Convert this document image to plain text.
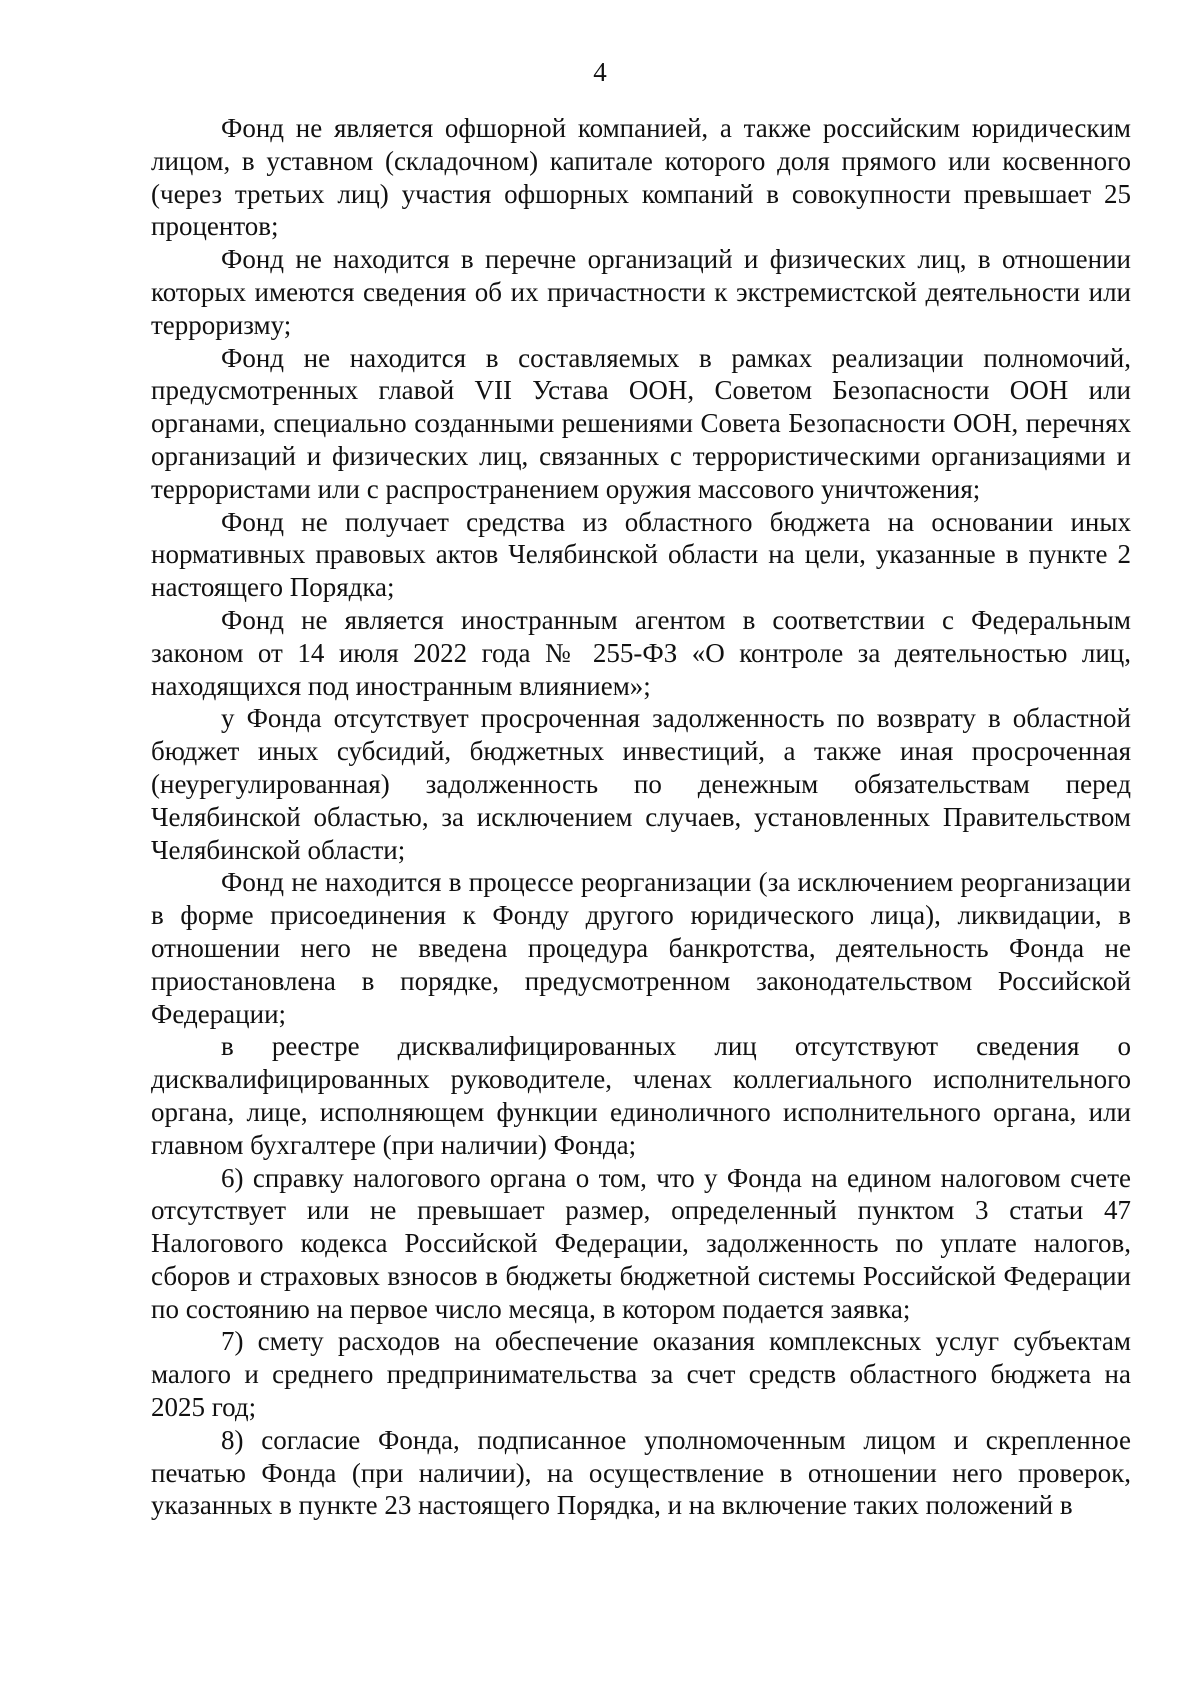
4

Фонд не является офшорной компанией, а также российским юридическим лицом, в уставном (складочном) капитале которого доля прямого или косвенного (через третьих лиц) участия офшорных компаний в совокупности превышает 25 процентов;

Фонд не находится в перечне организаций и физических лиц, в отношении которых имеются сведения об их причастности к экстремистской деятельности или терроризму;

Фонд не находится в составляемых в рамках реализации полномочий, предусмотренных главой VII Устава ООН, Советом Безопасности ООН или органами, специально созданными решениями Совета Безопасности ООН, перечнях организаций и физических лиц, связанных с террористическими организациями и террористами или с распространением оружия массового уничтожения;

Фонд не получает средства из областного бюджета на основании иных нормативных правовых актов Челябинской области на цели, указанные в пункте 2 настоящего Порядка;

Фонд не является иностранным агентом в соответствии с Федеральным законом от 14 июля 2022 года № 255-ФЗ «О контроле за деятельностью лиц, находящихся под иностранным влиянием»;

у Фонда отсутствует просроченная задолженность по возврату в областной бюджет иных субсидий, бюджетных инвестиций, а также иная просроченная (неурегулированная) задолженность по денежным обязательствам перед Челябинской областью, за исключением случаев, установленных Правительством Челябинской области;

Фонд не находится в процессе реорганизации (за исключением реорганизации в форме присоединения к Фонду другого юридического лица), ликвидации, в отношении него не введена процедура банкротства, деятельность Фонда не приостановлена в порядке, предусмотренном законодательством Российской Федерации;

в реестре дисквалифицированных лиц отсутствуют сведения о дисквалифицированных руководителе, членах коллегиального исполнительного органа, лице, исполняющем функции единоличного исполнительного органа, или главном бухгалтере (при наличии) Фонда;

6) справку налогового органа о том, что у Фонда на едином налоговом счете отсутствует или не превышает размер, определенный пунктом 3 статьи 47 Налогового кодекса Российской Федерации, задолженность по уплате налогов, сборов и страховых взносов в бюджеты бюджетной системы Российской Федерации по состоянию на первое число месяца, в котором подается заявка;

7) смету расходов на обеспечение оказания комплексных услуг субъектам малого и среднего предпринимательства за счет средств областного бюджета на 2025 год;

8) согласие Фонда, подписанное уполномоченным лицом и скрепленное печатью Фонда (при наличии), на осуществление в отношении него проверок, указанных в пункте 23 настоящего Порядка, и на включение таких положений в
